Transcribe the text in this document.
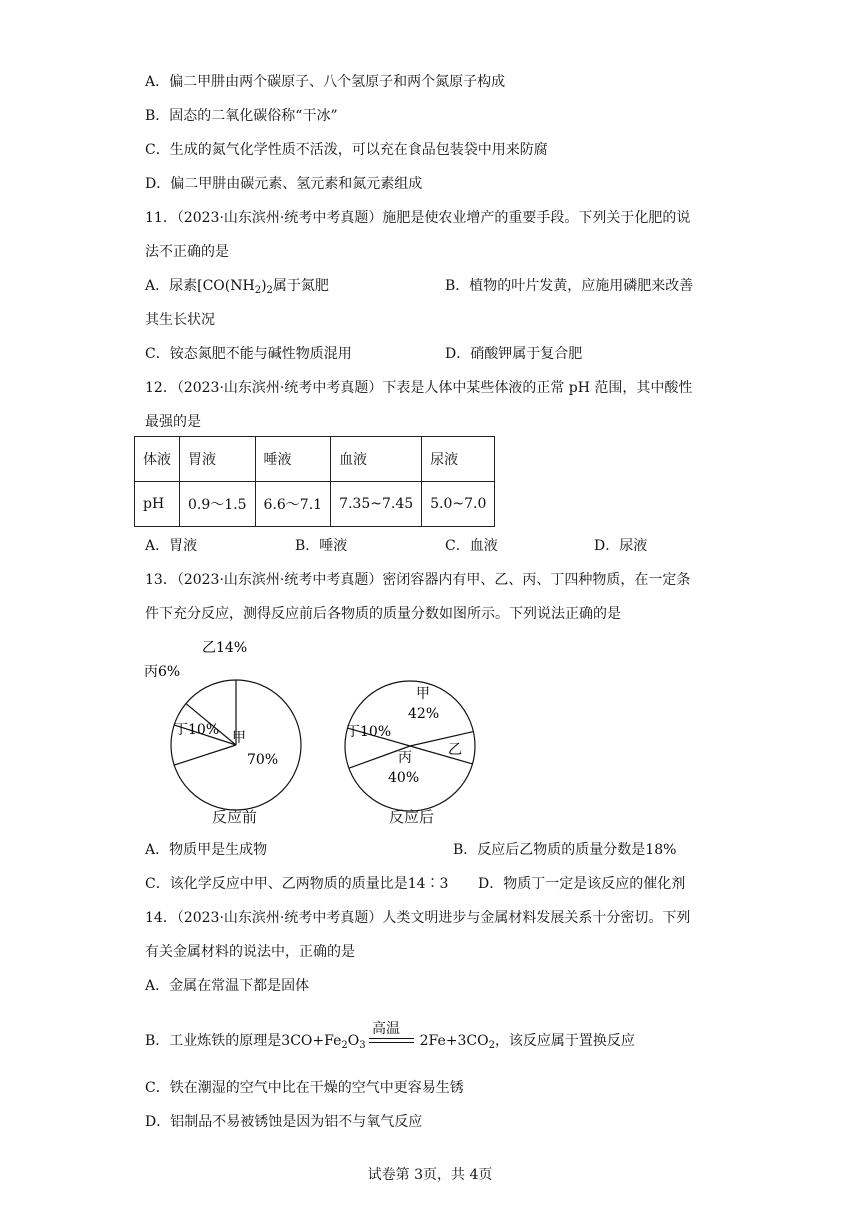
A．偏二甲肼由两个碳原子、八个氢原子和两个氮原子构成
B．固态的二氧化碳俗称“干冰”
C．生成的氮气化学性质不活泼，可以充在食品包装袋中用来防腐
D．偏二甲肼由碳元素、氢元素和氮元素组成
11．（2023·山东滨州·统考中考真题）施肥是使农业增产的重要手段。下列关于化肥的说
法不正确的是
A．尿素[$CO(NH_2)_2$属于氮肥	B．植物的叶片发黄，应施用磷肥来改善
其生长状况
C．铵态氮肥不能与碱性物质混用	D．硝酸钾属于复合肥
12．（2023·山东滨州·统考中考真题）下表是人体中某些体液的正常 pH 范围，其中酸性
最强的是
体液	胃液	唾液	血液	尿液
pH	0.9～1.5	6.6～7.1	7.35~7.45	5.0~7.0
A．胃液	B．唾液	C．血液	D．尿液
13．（2023·山东滨州·统考中考真题）密闭容器内有甲、乙、丙、丁四种物质，在一定条
件下充分反应，测得反应前后各物质的质量分数如图所示。下列说法正确的是
乙14%
丙6%
丁10% 甲
70%
甲
42%
丁10%
丙
40%
乙
反应前	反应后
A．物质甲是生成物	B．反应后乙物质的质量分数是18%
C．该化学反应中甲、乙两物质的质量比是14∶3 D．物质丁一定是该反应的催化剂
14．（2023·山东滨州·统考中考真题）人类文明进步与金属材料发展关系十分密切。下列
有关金属材料的说法中，正确的是
A．金属在常温下都是固体
高温
B．工业炼铁的原理是$3CO+Fe_2O_3$	$2Fe+3CO_2$，该反应属于置换反应
C．铁在潮湿的空气中比在干燥的空气中更容易生锈
D．铝制品不易被锈蚀是因为铝不与氧气反应
试卷第 3页，共 4页
